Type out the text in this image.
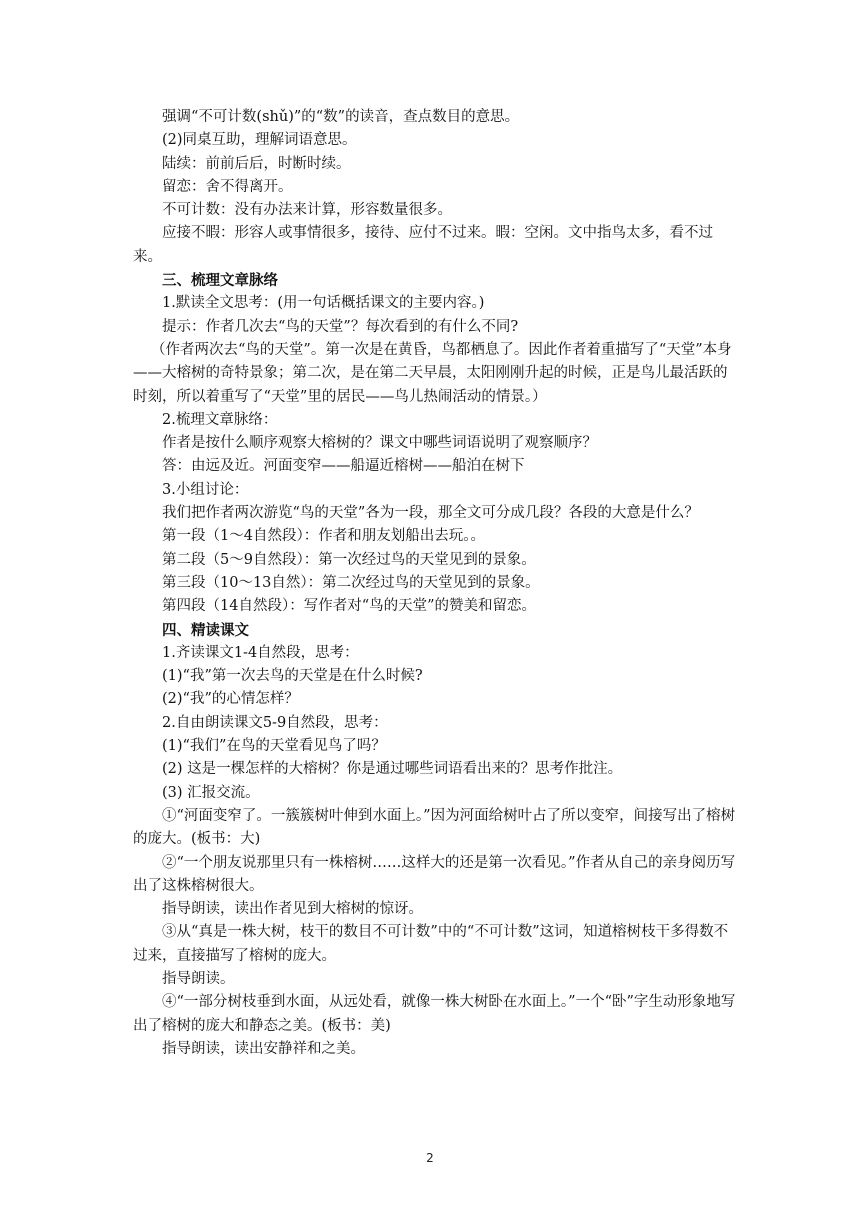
强调“不可计数(shǔ)”的“数”的读音，查点数目的意思。

(2)同桌互助，理解词语意思。

陆续：前前后后，时断时续。

留恋：舍不得离开。

不可计数：没有办法来计算，形容数量很多。

应接不暇：形容人或事情很多，接待、应付不过来。暇：空闲。文中指鸟太多，看不过来。

三、梳理文章脉络

1.默读全文思考：(用一句话概括课文的主要内容。)

提示：作者几次去“鸟的天堂”？每次看到的有什么不同?

（作者两次去“鸟的天堂”。第一次是在黄昏，鸟都栖息了。因此作者着重描写了“天堂”本身——大榕树的奇特景象；第二次，是在第二天早晨，太阳刚刚升起的时候，正是鸟儿最活跃的时刻，所以着重写了“天堂”里的居民——鸟儿热闹活动的情景。）

2.梳理文章脉络：

作者是按什么顺序观察大榕树的？课文中哪些词语说明了观察顺序？

答：由远及近。河面变窄——船逼近榕树——船泊在树下

3.小组讨论：

我们把作者两次游览“鸟的天堂”各为一段，那全文可分成几段？各段的大意是什么？

第一段（1～4自然段）：作者和朋友划船出去玩。。

第二段（5～9自然段）：第一次经过鸟的天堂见到的景象。

第三段（10～13自然）：第二次经过鸟的天堂见到的景象。

第四段（14自然段）：写作者对“鸟的天堂”的赞美和留恋。

四、精读课文

1.齐读课文1-4自然段，思考：

(1)“我”第一次去鸟的天堂是在什么时候?

(2)“我”的心情怎样？

2.自由朗读课文5-9自然段，思考：

(1)“我们”在鸟的天堂看见鸟了吗？

(2) 这是一棵怎样的大榕树？你是通过哪些词语看出来的？思考作批注。

(3) 汇报交流。

①“河面变窄了。一簇簇树叶伸到水面上。”因为河面给树叶占了所以变窄，间接写出了榕树的庞大。(板书：大)

②“一个朋友说那里只有一株榕树……这样大的还是第一次看见。”作者从自己的亲身阅历写出了这株榕树很大。

指导朗读，读出作者见到大榕树的惊讶。

③从“真是一株大树，枝干的数目不可计数”中的“不可计数”这词，知道榕树枝干多得数不过来，直接描写了榕树的庞大。

指导朗读。

④“一部分树枝垂到水面，从远处看，就像一株大树卧在水面上。”一个“卧”字生动形象地写出了榕树的庞大和静态之美。(板书：美)

指导朗读，读出安静祥和之美。

2
